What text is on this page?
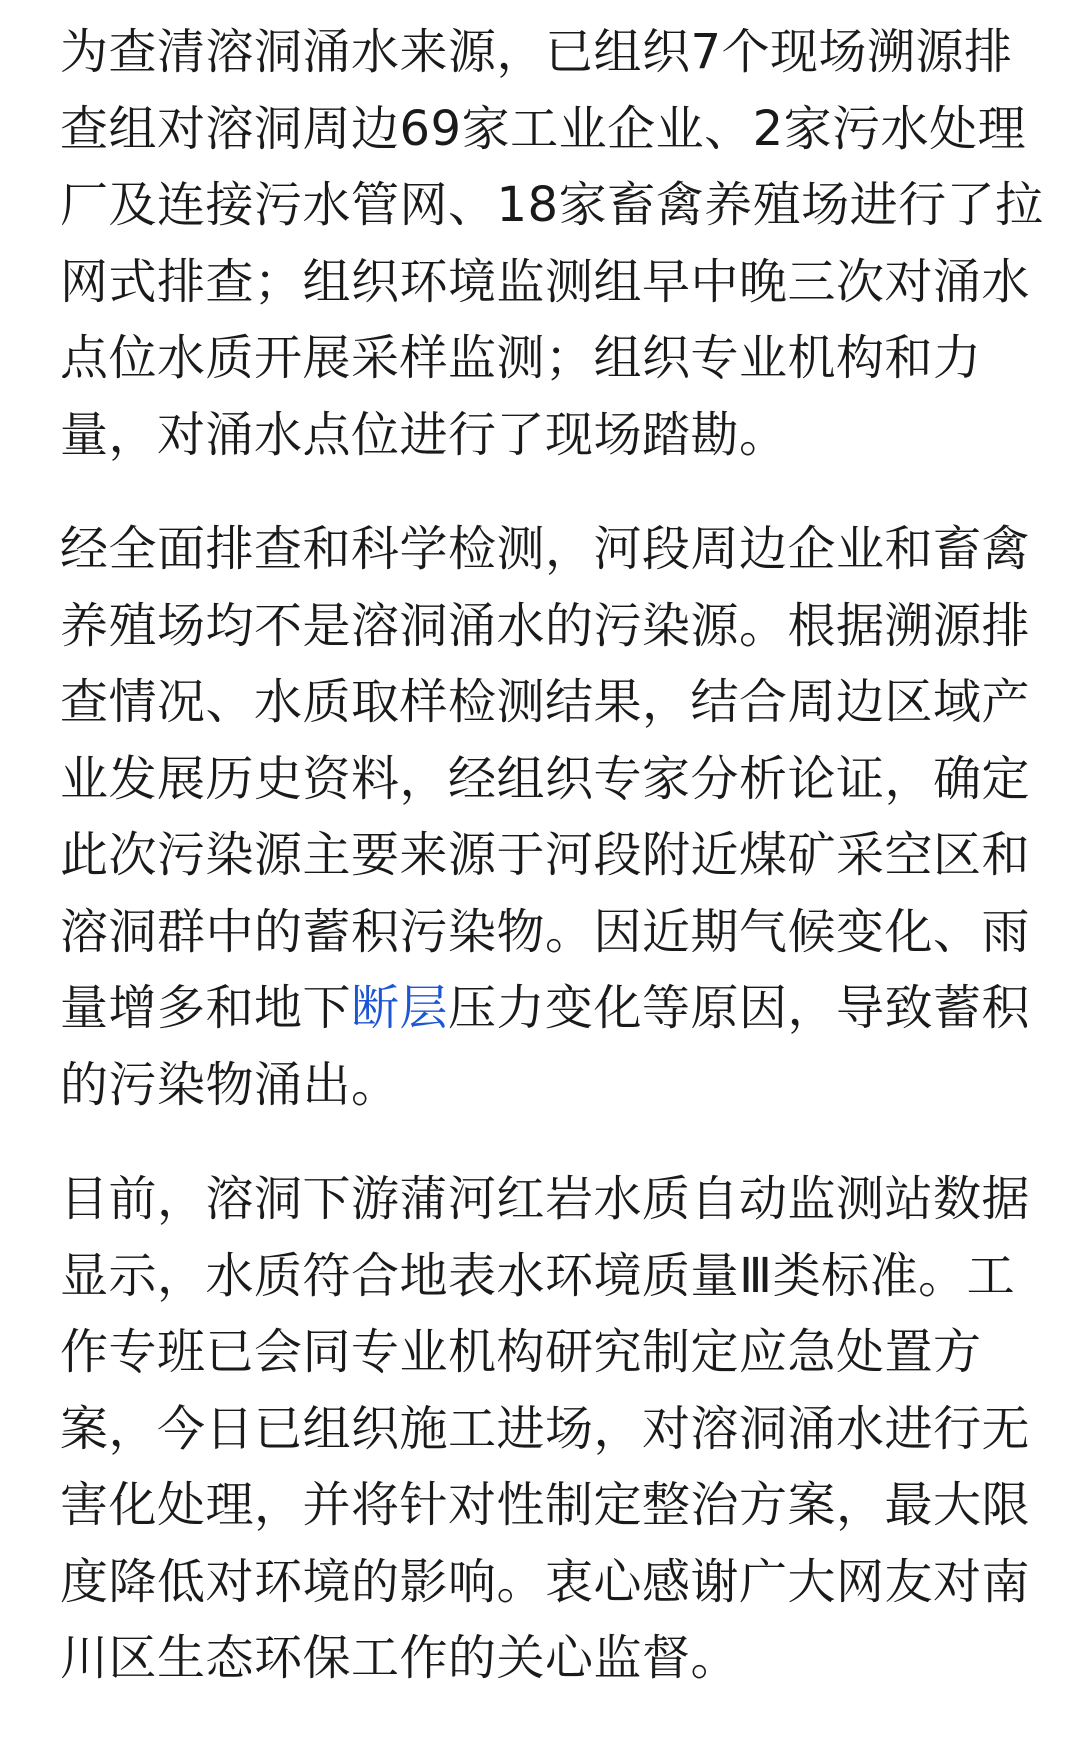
为查清溶洞涌水来源，已组织7个现场溯源排查组对溶洞周边69家工业企业、2家污水处理厂及连接污水管网、18家畜禽养殖场进行了拉网式排查；组织环境监测组早中晚三次对涌水点位水质开展采样监测；组织专业机构和力量，对涌水点位进行了现场踏勘。

经全面排查和科学检测，河段周边企业和畜禽养殖场均不是溶洞涌水的污染源。根据溯源排查情况、水质取样检测结果，结合周边区域产业发展历史资料，经组织专家分析论证，确定此次污染源主要来源于河段附近煤矿采空区和溶洞群中的蓄积污染物。因近期气候变化、雨量增多和地下断层压力变化等原因，导致蓄积的污染物涌出。

目前，溶洞下游蒲河红岩水质自动监测站数据显示，水质符合地表水环境质量Ⅲ类标准。工作专班已会同专业机构研究制定应急处置方案，今日已组织施工进场，对溶洞涌水进行无害化处理，并将针对性制定整治方案，最大限度降低对环境的影响。衷心感谢广大网友对南川区生态环保工作的关心监督。
